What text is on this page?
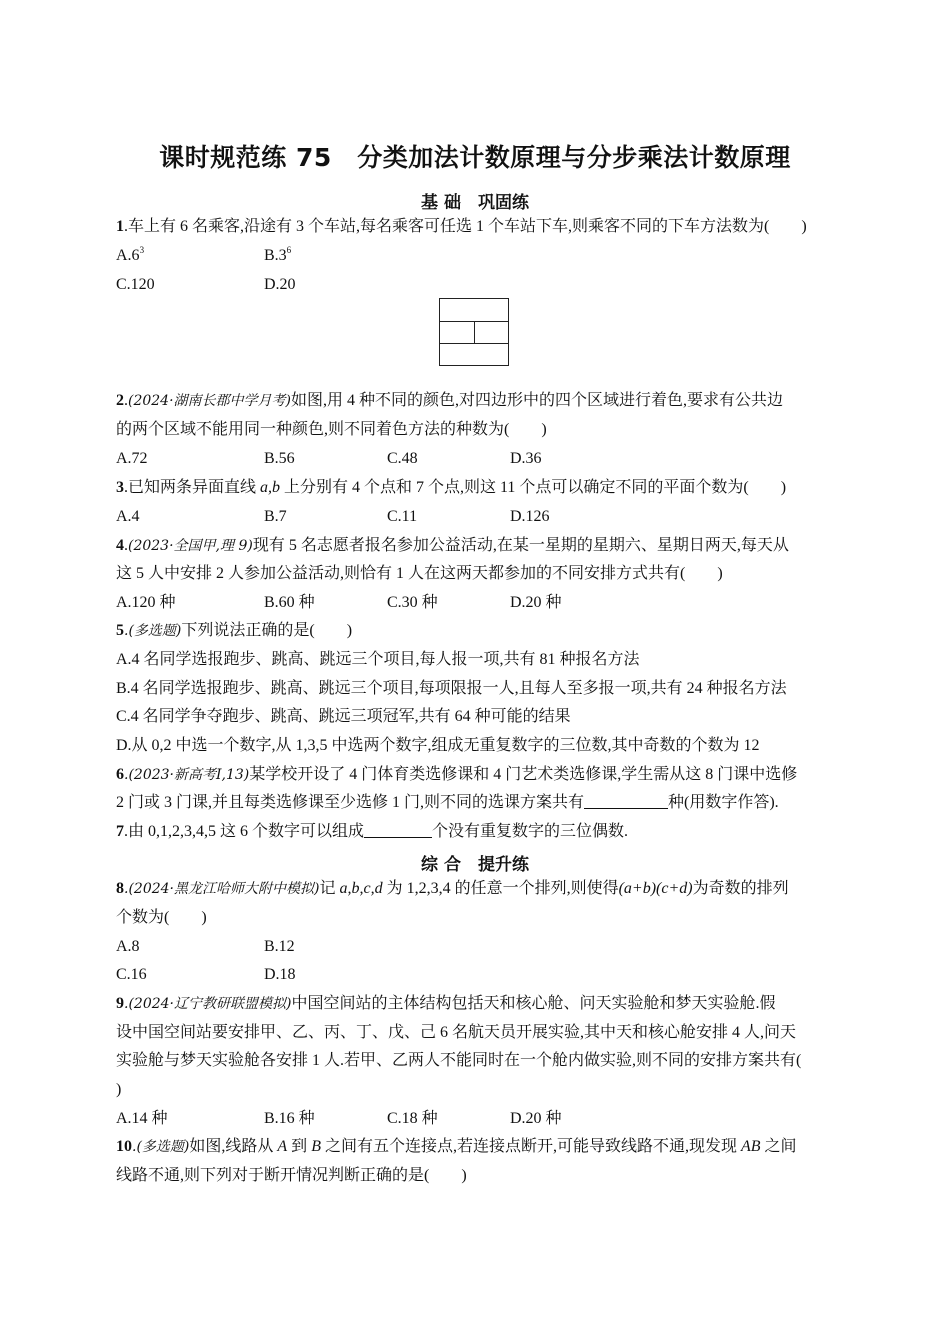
课时规范练 75　分类加法计数原理与分步乘法计数原理
基 础　巩固练
1.车上有 6 名乘客,沿途有 3 个车站,每名乘客可任选 1 个车站下车,则乘客不同的下车方法数为(　　)
$A.6^3$	$B.3^6$
C.120	D.20
2.(2024·湖南长郡中学月考)如图,用 4 种不同的颜色,对四边形中的四个区域进行着色,要求有公共边
的两个区域不能用同一种颜色,则不同着色方法的种数为(　　)
A.72	B.56	C.48	D.36
3.已知两条异面直线 a,b 上分别有 4 个点和 7 个点,则这 11 个点可以确定不同的平面个数为(　　)
A.4	B.7	C.11	D.126
4.(2023·全国甲,理 9)现有 5 名志愿者报名参加公益活动,在某一星期的星期六、星期日两天,每天从
这 5 人中安排 2 人参加公益活动,则恰有 1 人在这两天都参加的不同安排方式共有(　　)
A.120 种	B.60 种	C.30 种	D.20 种
5.(多选题)下列说法正确的是(　　)
A.4 名同学选报跑步、跳高、跳远三个项目,每人报一项,共有 81 种报名方法
B.4 名同学选报跑步、跳高、跳远三个项目,每项限报一人,且每人至多报一项,共有 24 种报名方法
C.4 名同学争夺跑步、跳高、跳远三项冠军,共有 64 种可能的结果
D.从 0,2 中选一个数字,从 1,3,5 中选两个数字,组成无重复数字的三位数,其中奇数的个数为 12
6.(2023·新高考Ⅰ,13)某学校开设了 4 门体育类选修课和 4 门艺术类选修课,学生需从这 8 门课中选修
2 门或 3 门课,并且每类选修课至少选修 1 门,则不同的选课方案共有	种(用数字作答).
7.由 0,1,2,3,4,5 这 6 个数字可以组成	个没有重复数字的三位偶数.
综 合　提升练
8.(2024·黑龙江哈师大附中模拟)记 a,b,c,d 为 1,2,3,4 的任意一个排列,则使得(a+b)(c+d)为奇数的排列
个数为(　　)
A.8	B.12
C.16	D.18
9.(2024·辽宁教研联盟模拟)中国空间站的主体结构包括天和核心舱、问天实验舱和梦天实验舱.假
设中国空间站要安排甲、乙、丙、丁、戊、己 6 名航天员开展实验,其中天和核心舱安排 4 人,问天
实验舱与梦天实验舱各安排 1 人.若甲、乙两人不能同时在一个舱内做实验,则不同的安排方案共有(
)
A.14 种	B.16 种	C.18 种	D.20 种
10.(多选题)如图,线路从 A 到 B 之间有五个连接点,若连接点断开,可能导致线路不通,现发现 AB 之间
线路不通,则下列对于断开情况判断正确的是(　　)
